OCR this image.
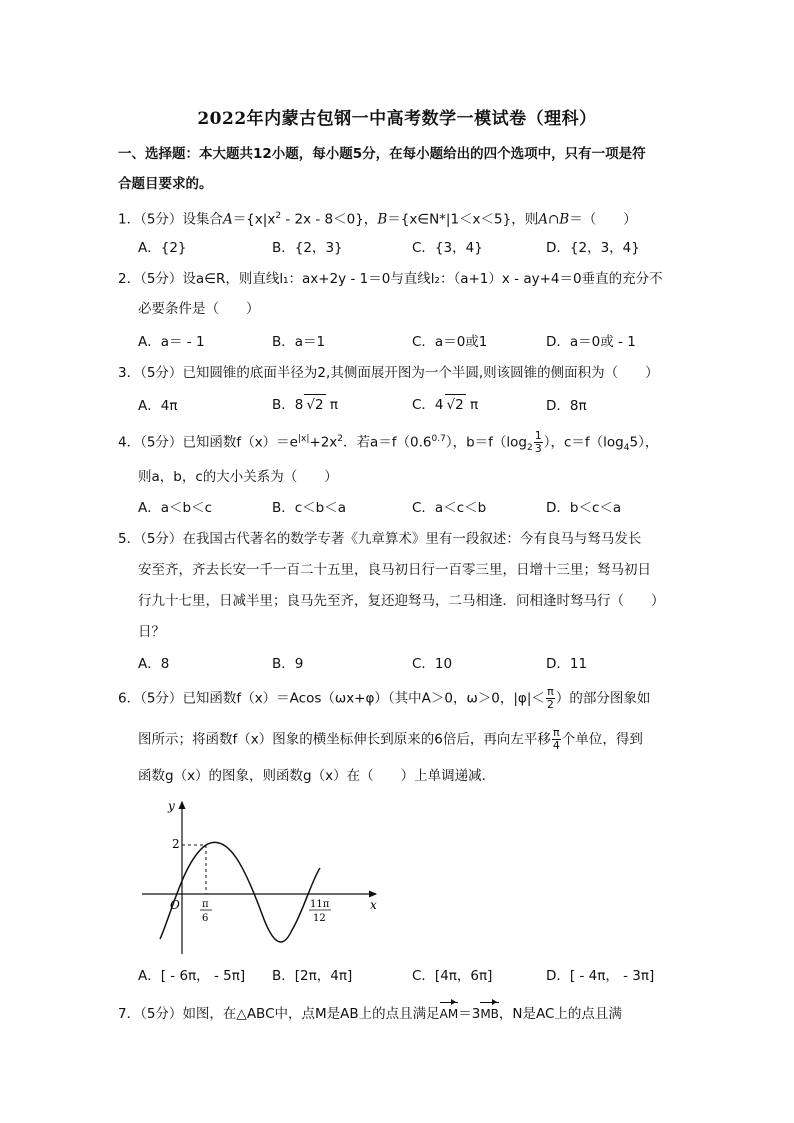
2022年内蒙古包钢一中高考数学一模试卷（理科）
一、选择题：本大题共12小题，每小题5分，在每小题给出的四个选项中，只有一项是符
合题目要求的。
1．（5分）设集合$A=\{x|x^2 - 2x - 8<0\}$，B＝{x∈N*|1＜x＜5}，则A∩B＝（　　）
A．{2}	B．{2，3}	C．{3，4}	D．{2，3，4}
2．（5分）设a∈R，则直线l₁：ax+2y - 1＝0与直线l₂：（a+1）x - ay+4＝0垂直的充分不
必要条件是（　　）
A．a＝ - 1	B．a＝1	C．a＝0或1	D．a＝0或 - 1
3．（5分）已知圆锥的底面半径为2,其侧面展开图为一个半圆,则该圆锥的侧面积为（　　）
A．4π	B．8 √2 π	C．4 √2 π	D．8π
4．（5分）已知函数$f(x)=e^{|x|}+2x^2$．若$a=f(0.6^{0.7})$，$b=f(\log_2 \frac{1}{3}$ ），$c=f(\log_45)$，
则a，b，c的大小关系为（　　）
A．a＜b＜c	B．c＜b＜a	C．a＜c＜b	D．b＜c＜a
5．（5分）在我国古代著名的数学专著《九章算术》里有一段叙述：今有良马与驽马发长
安至齐，齐去长安一千一百二十五里，良马初日行一百零三里，日增十三里；驽马初日
行九十七里，日减半里；良马先至齐，复还迎驽马，二马相逢．问相逢时驽马行（　　）
日？
A．8	B．9	C．10	D．11
6．（5分）已知函数f（x）＝Acos（ωx+φ）（其中A＞0，ω＞0，$|\varphi|< \frac{\pi}{2}$ ）的部分图象如
图所示；将函数f（x）图象的横坐标伸长到原来的6倍后，再向左平移 $\frac{\pi}{4}$ 个单位，得到
函数g（x）的图象，则函数g（x）在（　　）上单调递减．
y
x
O
2
π
6
11π
12
A．[ - 6π， - 5π] B．[2π，4π]	C．[4π，6π]	D．[ - 4π， - 3π]
7．（5分）如图，在△ABC中，点M是AB上的点且满足AM＝3MB，N是AC上的点且满
